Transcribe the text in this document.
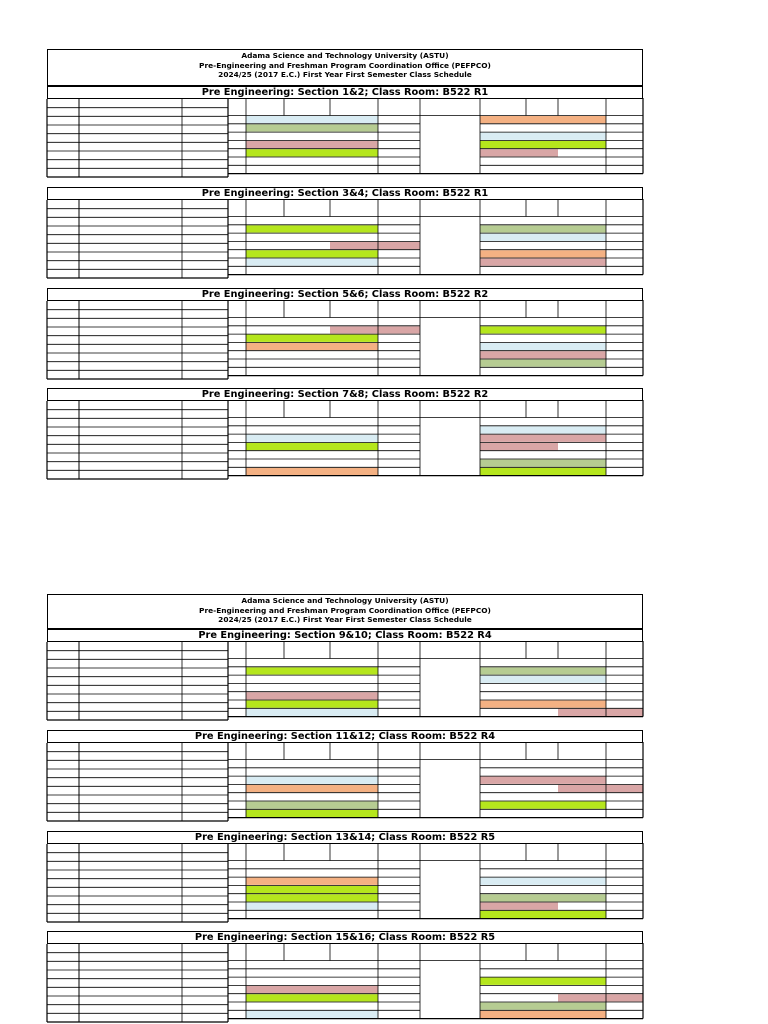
Adama Science and Technology University (ASTU)
Pre-Engineering and Freshman Program Coordination Office (PEFPCO)
2024/25 (2017 E.C.) First Year First Semester Class Schedule
Adama Science and Technology University (ASTU)
Pre-Engineering and Freshman Program Coordination Office (PEFPCO)
2024/25 (2017 E.C.) First Year First Semester Class Schedule
Pre Engineering: Section 1&2; Class Room: B522 R1
Pre Engineering: Section 3&4; Class Room: B522 R1
Pre Engineering: Section 5&6; Class Room: B522 R2
Pre Engineering: Section 7&8; Class Room: B522 R2
Pre Engineering: Section 9&10; Class Room: B522 R4
Pre Engineering: Section 11&12; Class Room: B522 R4
Pre Engineering: Section 13&14; Class Room: B522 R5
Pre Engineering: Section 15&16; Class Room: B522 R5
